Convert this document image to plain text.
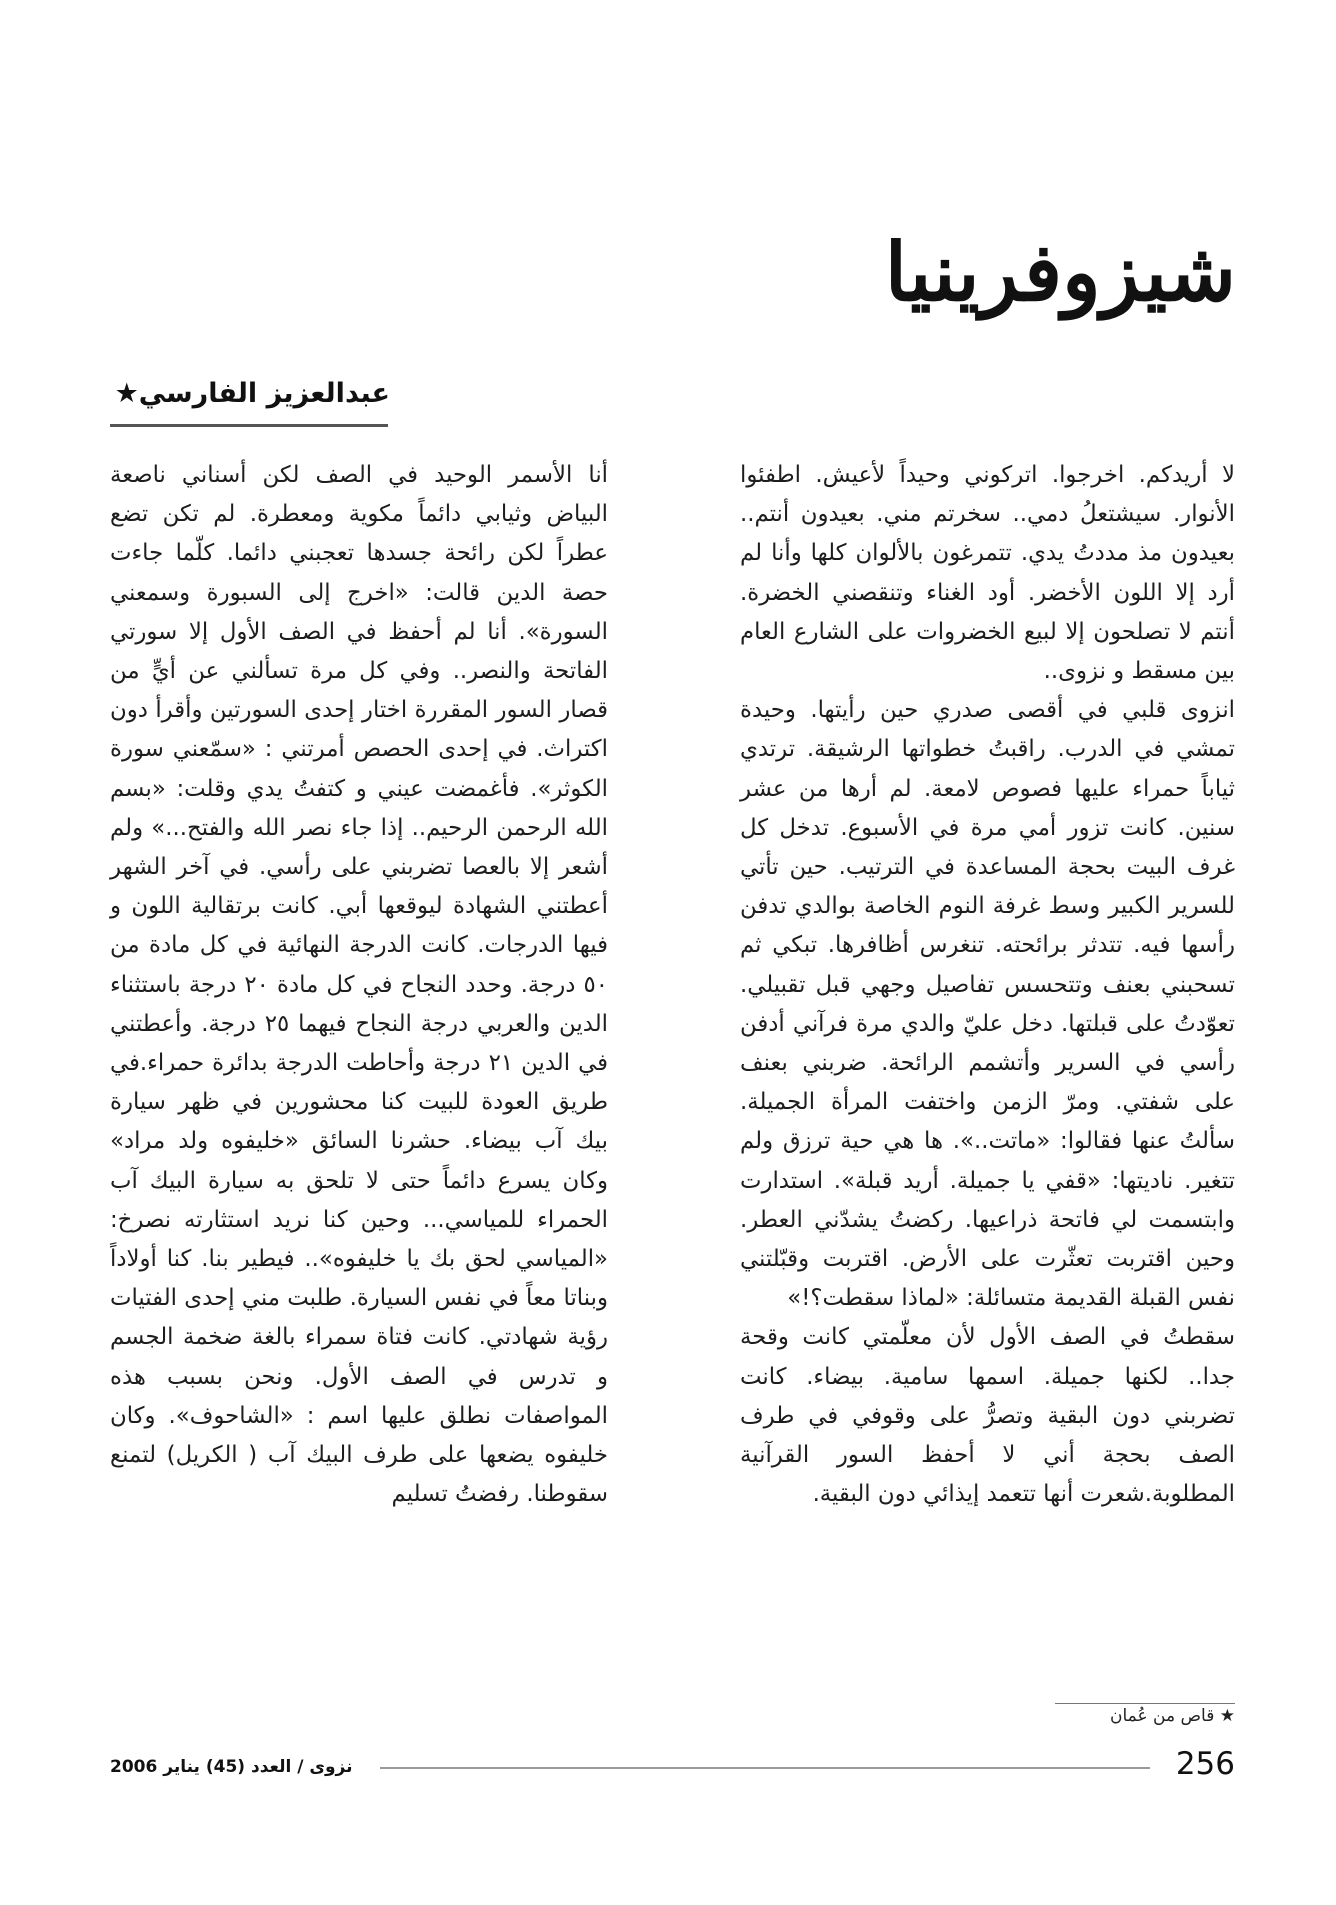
شيزوفرينيا
عبدالعزيز الفارسي★

لا أريدكم. اخرجوا. اتركوني وحيداً لأعيش. اطفئوا الأنوار. سيشتعلُ دمي.. سخرتم مني. بعيدون أنتم.. بعيدون مذ مددتُ يدي. تتمرغون بالألوان كلها وأنا لم أرد إلا اللون الأخضر. أود الغناء وتنقصني الخضرة. أنتم لا تصلحون إلا لبيع الخضروات على الشارع العام بين مسقط و نزوى..

انزوى قلبي في أقصى صدري حين رأيتها. وحيدة تمشي في الدرب. راقبتُ خطواتها الرشيقة. ترتدي ثياباً حمراء عليها فصوص لامعة. لم أرها من عشر سنين. كانت تزور أمي مرة في الأسبوع. تدخل كل غرف البيت بحجة المساعدة في الترتيب. حين تأتي للسرير الكبير وسط غرفة النوم الخاصة بوالدي تدفن رأسها فيه. تتدثر برائحته. تنغرس أظافرها. تبكي ثم تسحبني بعنف وتتحسس تفاصيل وجهي قبل تقبيلي. تعوّدتُ على قبلتها. دخل عليّ والدي مرة فرآني أدفن رأسي في السرير وأتشمم الرائحة. ضربني بعنف على شفتي. ومرّ الزمن واختفت المرأة الجميلة. سألتُ عنها فقالوا: «ماتت..». ها هي حية ترزق ولم تتغير. ناديتها: «قفي يا جميلة. أريد قبلة». استدارت وابتسمت لي فاتحة ذراعيها. ركضتُ يشدّني العطر. وحين اقتربت تعثّرت على الأرض. اقتربت وقبّلتني نفس القبلة القديمة متسائلة: «لماذا سقطت؟!»

سقطتُ في الصف الأول لأن معلّمتي كانت وقحة جدا.. لكنها جميلة. اسمها سامية. بيضاء. كانت تضربني دون البقية وتصرُّ على وقوفي في طرف الصف بحجة أني لا أحفظ السور القرآنية المطلوبة.شعرت أنها تتعمد إيذائي دون البقية.

أنا الأسمر الوحيد في الصف لكن أسناني ناصعة البياض وثيابي دائماً مكوية ومعطرة. لم تكن تضع عطراً لكن رائحة جسدها تعجبني دائما. كلّما جاءت حصة الدين قالت: «اخرج إلى السبورة وسمعني السورة». أنا لم أحفظ في الصف الأول إلا سورتي الفاتحة والنصر.. وفي كل مرة تسألني عن أيٍّ من قصار السور المقررة اختار إحدى السورتين وأقرأ دون اكتراث. في إحدى الحصص أمرتني : «سمّعني سورة الكوثر». فأغمضت عيني و كتفتُ يدي وقلت: «بسم الله الرحمن الرحيم.. إذا جاء نصر الله والفتح...» ولم أشعر إلا بالعصا تضربني على رأسي. في آخر الشهر أعطتني الشهادة ليوقعها أبي. كانت برتقالية اللون و فيها الدرجات. كانت الدرجة النهائية في كل مادة من ٥٠ درجة. وحدد النجاح في كل مادة ٢٠ درجة باستثناء الدين والعربي درجة النجاح فيهما ٢٥ درجة. وأعطتني في الدين ٢١ درجة وأحاطت الدرجة بدائرة حمراء.في طريق العودة للبيت كنا محشورين في ظهر سيارة بيك آب بيضاء. حشرنا السائق «خليفوه ولد مراد» وكان يسرع دائماً حتى لا تلحق به سيارة البيك آب الحمراء للمياسي... وحين كنا نريد استثارته نصرخ: «المياسي لحق بك يا خليفوه».. فيطير بنا. كنا أولاداً وبناتا معاً في نفس السيارة. طلبت مني إحدى الفتيات رؤية شهادتي. كانت فتاة سمراء بالغة ضخمة الجسم و تدرس في الصف الأول. ونحن بسبب هذه المواصفات نطلق عليها اسم : «الشاحوف». وكان خليفوه يضعها على طرف البيك آب ( الكريل) لتمنع سقوطنا. رفضتُ تسليم

★ قاص من عُمان
256
نزوى / العدد (45) يناير 2006
